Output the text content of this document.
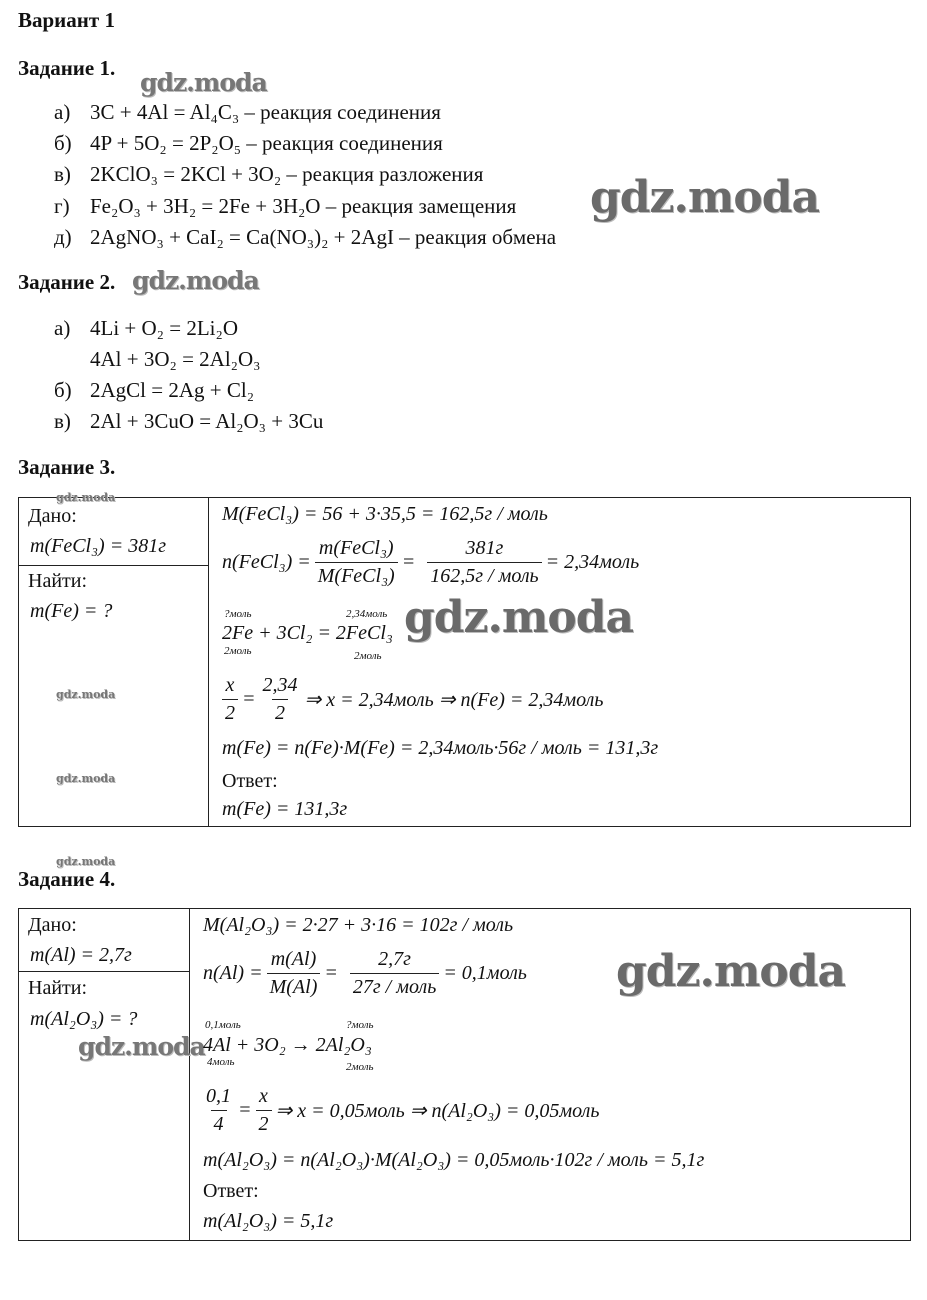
Вариант 1
Задание 1. gdz.moda
а) 3C + 4Al = Al₄C₃ – реакция соединения
б) 4P + 5O₂ = 2P₂O₅ – реакция соединения
в) 2KClO₃ = 2KCl + 3O₂ – реакция разложения
г) Fe₂O₃ + 3H₂ = 2Fe + 3H₂O – реакция замещения
д) 2AgNO₃ + CaI₂ = Ca(NO₃)₂ + 2AgI – реакция обмена
gdz.moda
Задание 2. gdz.moda
а) 4Li + O₂ = 2Li₂O
4Al + 3O₂ = 2Al₂O₃
б) 2AgCl = 2Ag + Cl₂
в) 2Al + 3CuO = Al₂O₃ + 3Cu
Задание 3.
gdz.moda
Дано:
m(FeCl₃) = 381г
Найти:
m(Fe) = ?
gdz.moda
gdz.moda
M(FeCl₃) = 56 + 3·35,5 = 162,5г / моль
n(FeCl₃) = $\frac{\text{m(FeCl₃)}}{\text{M(FeCl₃)}} = \frac{381г}{\text{162,5г / моль}}$ = 2,34моль
?моль	2,34моль
2Fe + 3Cl₂ = 2FeCl₃
2моль	2моль
gdz.moda
$\frac{x}{2} = \frac{2,34}{2}$ ⇒ x = 2,34моль ⇒ n(Fe) = 2,34моль
m(Fe) = n(Fe)·M(Fe) = 2,34моль·56г / моль = 131,3г
Ответ:
m(Fe) = 131,3г
gdz.moda
Задание 4.
Дано:
m(Al) = 2,7г
Найти:
m(Al₂O₃) = ?
gdz.moda
M(Al₂O₃) = 2·27 + 3·16 = 102г / моль
$n(Al) = \frac{m(Al)}{M(Al)} = \frac{2,7г}{\text{27г / моль}}$ = 0,1моль gdz.moda
0,1моль	?моль
4Al + 3O₂ → 2Al₂O₃
4моль	2моль
$\frac{0,1}{4} = \frac{x}{2}$ ⇒ x = 0,05моль ⇒ n(Al₂O₃) = 0,05моль
m(Al₂O₃) = n(Al₂O₃)·M(Al₂O₃) = 0,05моль·102г / моль = 5,1г
Ответ:
m(Al₂O₃) = 5,1г
